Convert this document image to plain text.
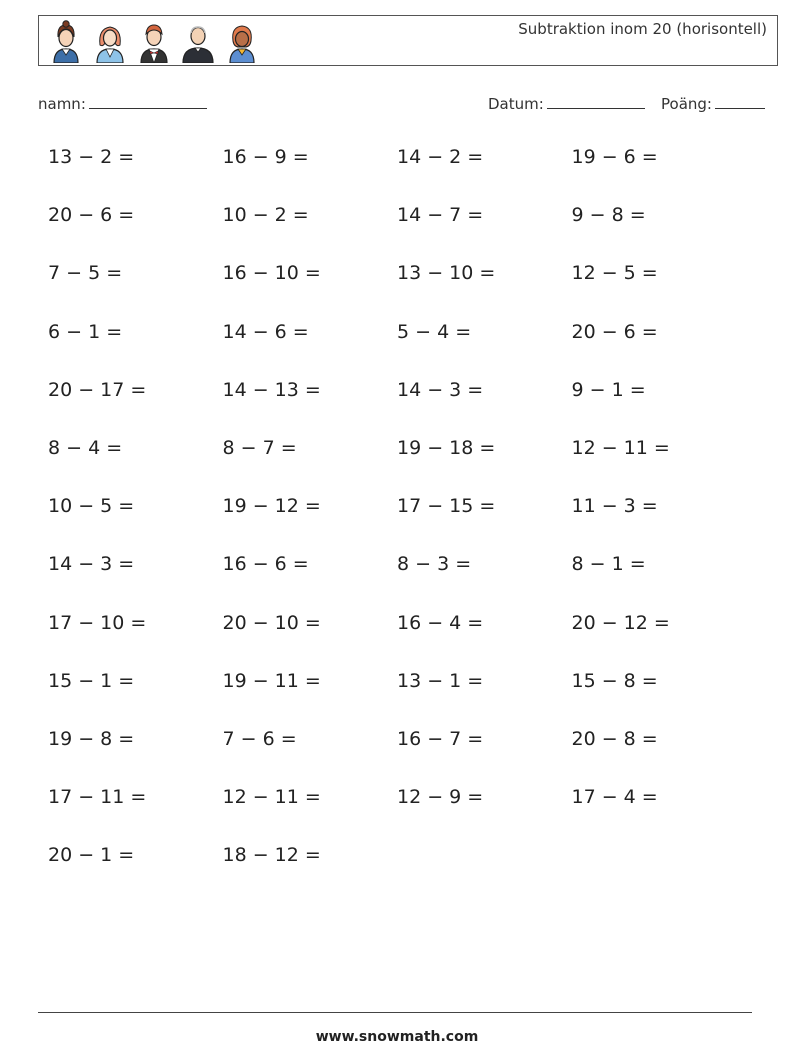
Subtraktion inom 20 (horisontell)
namn:	Datum:	Poäng:
13 − 2 =	16 − 9 =	14 − 2 =	19 − 6 =
20 − 6 =	10 − 2 =	14 − 7 =	9 − 8 =
7 − 5 =	16 − 10 =	13 − 10 =	12 − 5 =
6 − 1 =	14 − 6 =	5 − 4 =	20 − 6 =
20 − 17 =	14 − 13 =	14 − 3 =	9 − 1 =
8 − 4 =	8 − 7 =	19 − 18 =	12 − 11 =
10 − 5 =	19 − 12 =	17 − 15 =	11 − 3 =
14 − 3 =	16 − 6 =	8 − 3 =	8 − 1 =
17 − 10 =	20 − 10 =	16 − 4 =	20 − 12 =
15 − 1 =	19 − 11 =	13 − 1 =	15 − 8 =
19 − 8 =	7 − 6 =	16 − 7 =	20 − 8 =
17 − 11 =	12 − 11 =	12 − 9 =	17 − 4 =
20 − 1 =	18 − 12 =
www.snowmath.com
